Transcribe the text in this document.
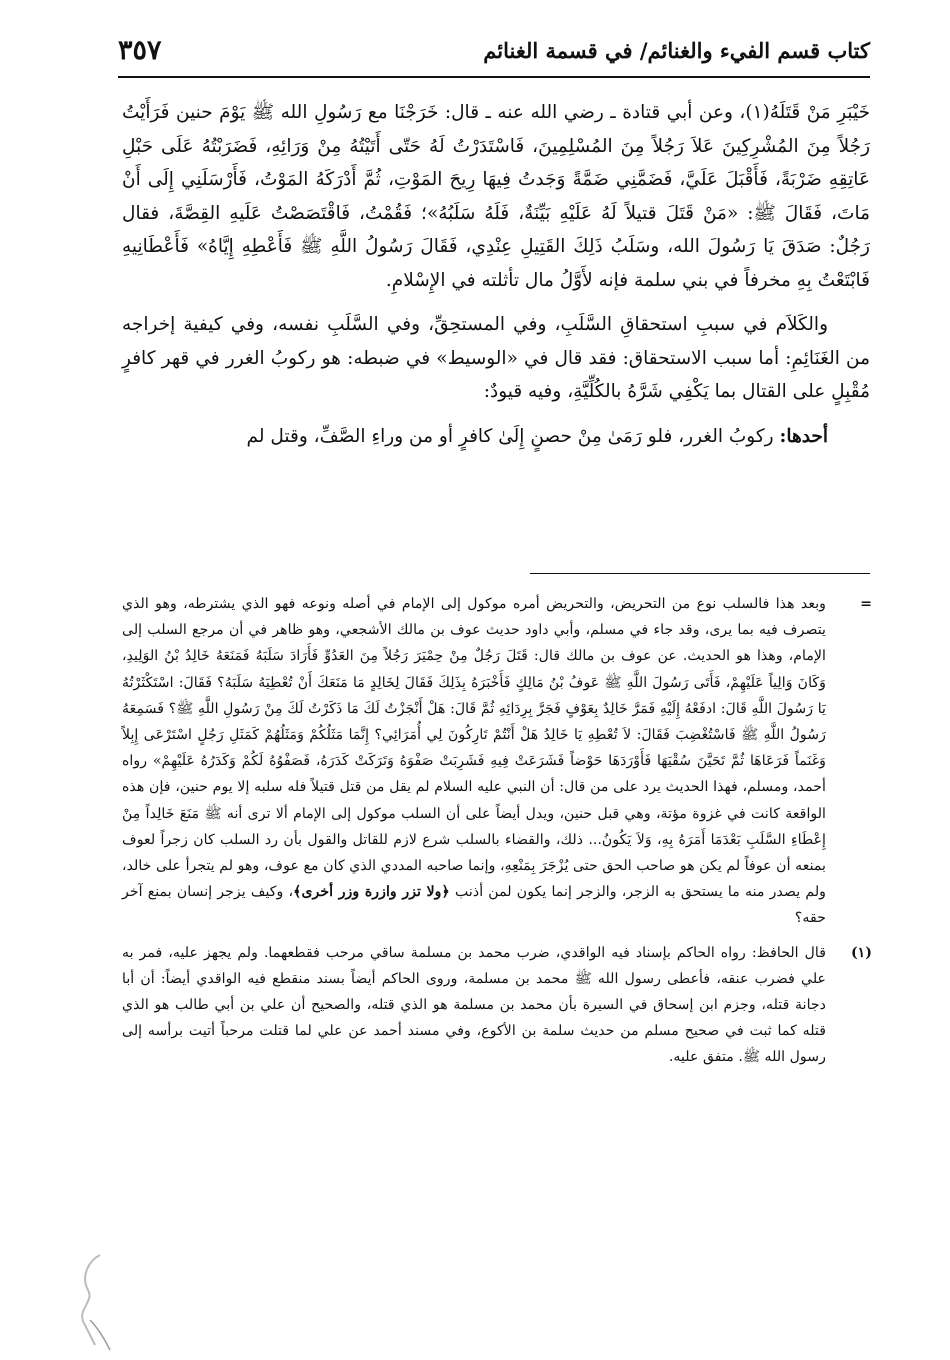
كتاب قسم الفيء والغنائم/ في قسمة الغنائم
٣٥٧

خَيْبَرِ مَنْ قَتَلَهُ(١)، وعن أبي قتادة ـ رضي الله عنه ـ قال: خَرَجْنَا مع رَسُولِ الله ﷺ يَوْمَ حنين فَرَأَيْتُ رَجُلاً مِنَ المُشْرِكِينَ عَلاَ رَجُلاً مِنَ المُسْلِمِينَ، فَاسْتَدَرْتُ لَهُ حَتّى أَتَيْتُهُ مِنْ وَرَائِهِ، فَضَرَبْتُهُ عَلَى حَبْلِ عَاتِقِهِ ضَرْبَةً، فَأَقْبَلَ عَلَيَّ، فَضَمَّنِي ضَمَّةً وَجَدتُ فِيهَا رِيحَ المَوْتِ، ثُمَّ أَدْرَكَهُ المَوْتُ، فَأَرْسَلَنِي إِلَى أَنْ مَاتَ، فَقَالَ ﷺ: «مَنْ قَتَلَ قتيلاً لَهُ عَلَيْهِ بَيِّنَةٌ، فَلَهُ سَلَبُهُ»؛ فَقُمْتُ، فَاقْتَصَصْتُ عَلَيهِ القِصَّةَ، فقال رَجُلٌ: صَدَقَ يَا رَسُولَ الله، وسَلَبُ ذَلِكَ القَتِيلِ عِنْدِي، فَقَالَ رَسُولُ اللَّهِ ﷺ فَأَعْطِهِ إِيَّاهُ» فَأَعْطَانِيهِ فَابْتَعْتُ بِهِ مخرفاً في بني سلمة فإنه لأَوَّلُ مال تأثلته في الإِسْلامِ.

والكَلاَم في سببِ استحقاقِ السَّلَبِ، وفي المستحِقِّ، وفي السَّلَبِ نفسه، وفي كيفية إخراجه من الغَنَائِمِ: أما سبب الاستحقاق: فقد قال في «الوسيط» في ضبطه: هو ركوبُ الغرر في قهر كافرٍ مُقْبِلٍ على القتال بما يَكْفِي شَرَّهُ بالكُلِّيَّةِ، وفيه قيودٌ:

أحدها: ركوبُ الغرر، فلو رَمَىٰ مِنْ حصنٍ إِلَىٰ كافرٍ أو من وراءِ الصَّفِّ، وقتل لم

=
وبعد هذا فالسلب نوع من التحريض، والتحريض أمره موكول إلى الإمام في أصله ونوعه فهو الذي يشترطه، وهو الذي يتصرف فيه بما يرى، وقد جاء في مسلم، وأبي داود حديث عوف بن مالك الأشجعي، وهو ظاهر في أن مرجع السلب إلى الإمام، وهذا هو الحديث. عن عوف بن مالك قال: قَتَلَ رَجُلٌ مِنْ حِمْيَرَ رَجُلاً مِنَ العَدُوِّ فَأَرَادَ سَلَبَهُ فَمَنَعَهُ خَالِدُ بْنُ الوَلِيدِ، وَكَانَ وَالِياً عَلَيْهِمْ، فَأَتَى رَسُولَ اللَّهِ ﷺ عَوفُ بْنُ مَالِكٍ فَأَخْبَرَهُ بِذَلِكَ فَقَالَ لِخَالِدٍ مَا مَنَعَكَ أَنْ تُعْطِيَهُ سَلَبَهُ؟ فَقَالَ: اسْتَكْثَرْتُهُ يَا رَسُولَ اللَّهِ قَالَ: ادفَعْهُ إِلَيْهِ فَمَرَّ خَالِدٌ بِعَوْفٍ فَجَرَّ بِرِدَائِهِ ثُمَّ قَالَ: هَلْ أَنْجَزْتُ لَكَ مَا ذَكَرْتُ لَكَ مِنْ رَسُولِ اللَّهِ ﷺ؟ فَسَمِعَهُ رَسُولُ اللَّهِ ﷺ فَاسْتُغْضِبَ فَقَالَ: لاَ تُعْطِهِ يَا خَالِدُ هَلْ أَنْتُمْ تَارِكُونَ لِي أُمَرَائِي؟ إِنَّمَا مَثَلُكُمْ وَمَثَلُهُمْ كَمَثَلِ رَجُلٍ اسْتَرْعَى إِبِلاً وَغَنَماً فَرَعَاهَا ثُمَّ تَحَيَّنَ سُقْيَهَا فَأَوْرَدَهَا حَوْضاً فَشَرَعَتْ فِيهِ فَشَرِبَتْ صَفْوَهُ وَتَرَكَتْ كَدَرَهُ، فَصَفْوُهُ لَكُمْ وَكَدَرُهُ عَلَيْهِمْ» رواه أحمد، ومسلم، فهذا الحديث يرد على من قال: أن النبي عليه السلام لم يقل من قتل قتيلاً فله سلبه إلا يوم حنين، فإن هذه الواقعة كانت في غزوة مؤتة، وهي قبل حنين، ويدل أيضاً على أن السلب موكول إلى الإمام ألا ترى أنه ﷺ مَنَعَ خَالِداً مِنْ إِعْطَاءِ السَّلَبِ بَعْدَمَا أَمَرَهُ بِهِ، وَلاَ يَكُونُ... ذلك، والقضاء بالسلب شرع لازم للقاتل والقول بأن رد السلب كان زجراً لعوف بمنعه أن عوفاً لم يكن هو صاحب الحق حتى يُزْجَرَ بِمَنْعِهِ، وإنما صاحبه المددي الذي كان مع عوف، وهو لم يتجرأ على خالد، ولم يصدر منه ما يستحق به الزجر، والزجر إنما يكون لمن أذنب ﴿ولا تزر وازرة وزر أخرى﴾، وكيف يزجر إنسان بمنع آخر حقه؟

(١)
قال الحافظ: رواه الحاكم بإسناد فيه الواقدي، ضرب محمد بن مسلمة ساقي مرحب فقطعهما. ولم يجهز عليه، فمر به علي فضرب عنقه، فأعطى رسول الله ﷺ محمد بن مسلمة، وروى الحاكم أيضاً بسند منقطع فيه الواقدي أيضاً: أن أبا دجانة قتله، وجزم ابن إسحاق في السيرة بأن محمد بن مسلمة هو الذي قتله، والصحيح أن علي بن أبي طالب هو الذي قتله كما ثبت في صحيح مسلم من حديث سلمة بن الأكوع، وفي مسند أحمد عن علي لما قتلت مرحباً أتيت برأسه إلى رسول الله ﷺ. متفق عليه.
